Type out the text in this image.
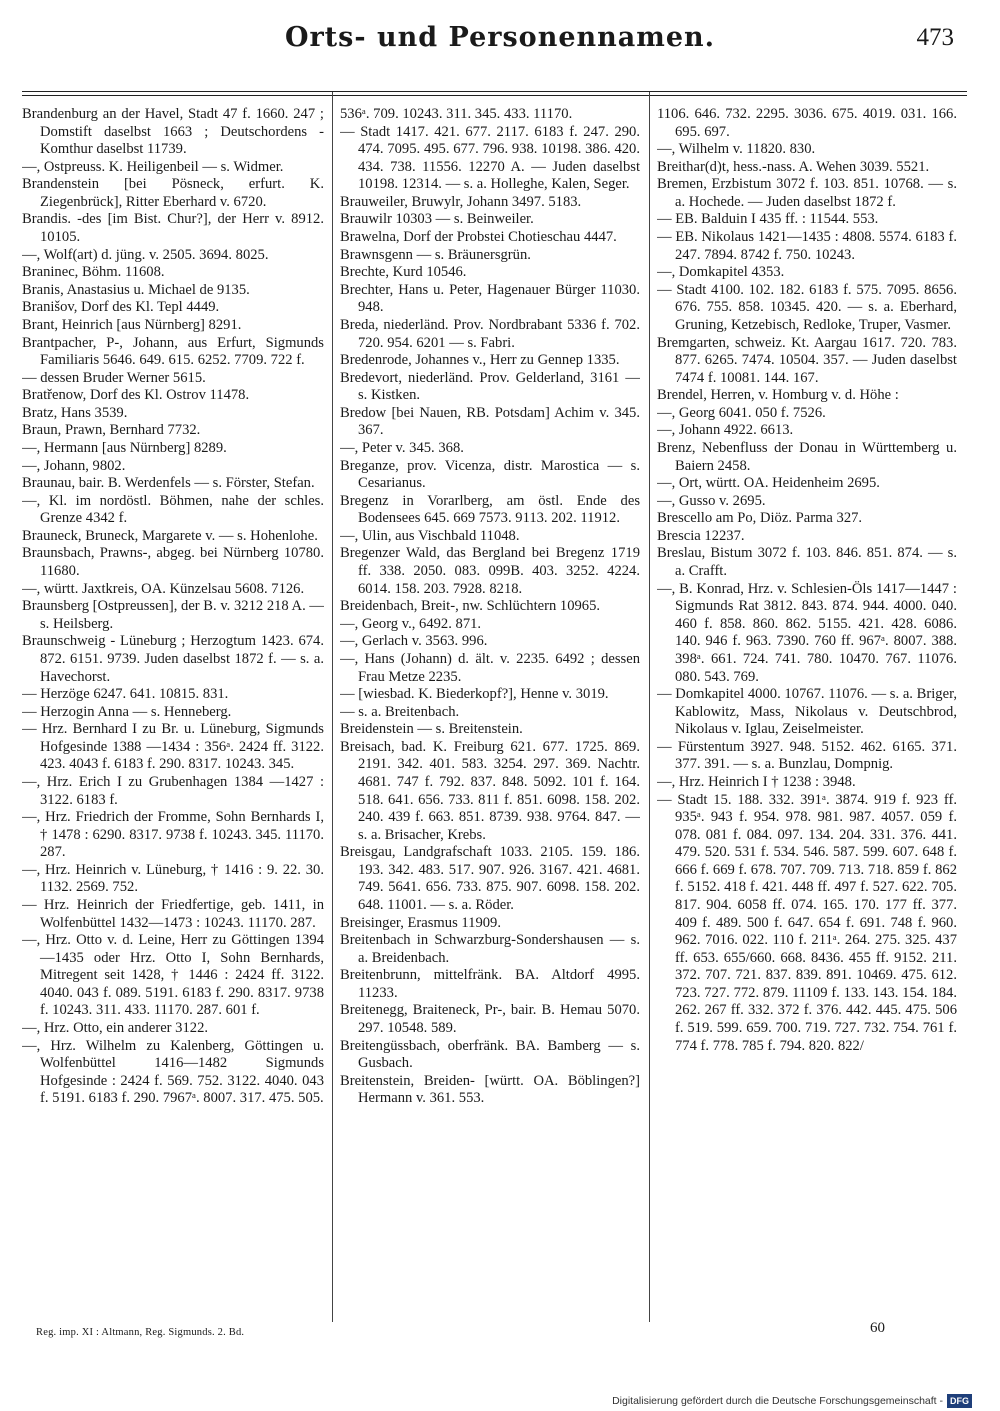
Orts- und Personennamen.	473

Brandenburg an der Havel, Stadt 47 f. 1660. 247 ; Domstift daselbst 1663 ; Deutschordens - Komthur daselbst 11739.

—, Ostpreuss. K. Heiligenbeil — s. Widmer.

Brandenstein [bei Pösneck, erfurt. K. Ziegenbrück], Ritter Eberhard v. 6720.

Brandis. -des [im Bist. Chur?], der Herr v. 8912. 10105.

—, Wolf(art) d. jüng. v. 2505. 3694. 8025.

Braninec, Böhm. 11608.

Branis, Anastasius u. Michael de 9135.

Branišov, Dorf des Kl. Tepl 4449.

Brant, Heinrich [aus Nürnberg] 8291.

Brantpacher, P-, Johann, aus Erfurt, Sigmunds Familiaris 5646. 649. 615. 6252. 7709. 722 f.

— dessen Bruder Werner 5615.

Bratřenow, Dorf des Kl. Ostrov 11478.

Bratz, Hans 3539.

Braun, Prawn, Bernhard 7732.

—, Hermann [aus Nürnberg] 8289.

—, Johann, 9802.

Braunau, bair. B. Werdenfels — s. Förster, Stefan.

—, Kl. im nordöstl. Böhmen, nahe der schles. Grenze 4342 f.

Brauneck, Bruneck, Margarete v. — s. Hohenlohe.

Braunsbach, Prawns-, abgeg. bei Nürnberg 10780. 11680.

—, württ. Jaxtkreis, OA. Künzelsau 5608. 7126.

Braunsberg [Ostpreussen], der B. v. 3212 218 A. — s. Heilsberg.

Braunschweig - Lüneburg ; Herzogtum 1423. 674. 872. 6151. 9739. Juden daselbst 1872 f. — s. a. Havechorst.

— Herzöge 6247. 641. 10815. 831.

— Herzogin Anna — s. Henneberg.

— Hrz. Bernhard I zu Br. u. Lüneburg, Sigmunds Hofgesinde 1388 —1434 : 356ᵃ. 2424 ff. 3122. 423. 4043 f. 6183 f. 290. 8317. 10243. 345.

—, Hrz. Erich I zu Grubenhagen 1384 —1427 : 3122. 6183 f.

—, Hrz. Friedrich der Fromme, Sohn Bernhards I, † 1478 : 6290. 8317. 9738 f. 10243. 345. 11170. 287.

—, Hrz. Heinrich v. Lüneburg, † 1416 : 9. 22. 30. 1132. 2569. 752.

— Hrz. Heinrich der Friedfertige, geb. 1411, in Wolfenbüttel 1432—1473 : 10243. 11170. 287.

—, Hrz. Otto v. d. Leine, Herr zu Göttingen 1394—1435 oder Hrz. Otto I, Sohn Bernhards, Mitregent seit 1428, † 1446 : 2424 ff. 3122. 4040. 043 f. 089. 5191. 6183 f. 290. 8317. 9738 f. 10243. 311. 433. 11170. 287. 601 f.

—, Hrz. Otto, ein anderer 3122.

—, Hrz. Wilhelm zu Kalenberg, Göttingen u. Wolfenbüttel 1416—1482 Sigmunds Hofgesinde : 2424 f. 569. 752. 3122. 4040. 043 f. 5191. 6183 f. 290. 7967ᵃ. 8007. 317. 475. 505.

536ᵃ. 709. 10243. 311. 345. 433. 11170.

— Stadt 1417. 421. 677. 2117. 6183 f. 247. 290. 474. 7095. 495. 677. 796. 938. 10198. 386. 420. 434. 738. 11556. 12270 A. — Juden daselbst 10198. 12314. — s. a. Holleghe, Kalen, Seger.

Brauweiler, Bruwylr, Johann 3497. 5183.

Brauwilr 10303 — s. Beinweiler.

Brawelna, Dorf der Probstei Chotieschau 4447.

Brawnsgenn — s. Bräunersgrün.

Brechte, Kurd 10546.

Brechter, Hans u. Peter, Hagenauer Bürger 11030. 948.

Breda, niederländ. Prov. Nordbrabant 5336 f. 702. 720. 954. 6201 — s. Fabri.

Bredenrode, Johannes v., Herr zu Gennep 1335.

Bredevort, niederländ. Prov. Gelderland, 3161 — s. Kistken.

Bredow [bei Nauen, RB. Potsdam] Achim v. 345. 367.

—, Peter v. 345. 368.

Breganze, prov. Vicenza, distr. Marostica — s. Cesarianus.

Bregenz in Vorarlberg, am östl. Ende des Bodensees 645. 669 7573. 9113. 202. 11912.

—, Ulin, aus Vischbald 11048.

Bregenzer Wald, das Bergland bei Bregenz 1719 ff. 338. 2050. 083. 099B. 403. 3252. 4224. 6014. 158. 203. 7928. 8218.

Breidenbach, Breit-, nw. Schlüchtern 10965.

—, Georg v., 6492. 871.

—, Gerlach v. 3563. 996.

—, Hans (Johann) d. ält. v. 2235. 6492 ; dessen Frau Metze 2235.

— [wiesbad. K. Biederkopf?], Henne v. 3019.

— s. a. Breitenbach.

Breidenstein — s. Breitenstein.

Breisach, bad. K. Freiburg 621. 677. 1725. 869. 2191. 342. 401. 583. 3254. 297. 369. Nachtr. 4681. 747 f. 792. 837. 848. 5092. 101 f. 164. 518. 641. 656. 733. 811 f. 851. 6098. 158. 202. 240. 439 f. 663. 851. 8739. 938. 9764. 847. — s. a. Brisacher, Krebs.

Breisgau, Landgrafschaft 1033. 2105. 159. 186. 193. 342. 483. 517. 907. 926. 3167. 421. 4681. 749. 5641. 656. 733. 875. 907. 6098. 158. 202. 648. 11001. — s. a. Röder.

Breisinger, Erasmus 11909.

Breitenbach in Schwarzburg-Sondershausen — s. a. Breidenbach.

Breitenbrunn, mittelfränk. BA. Altdorf 4995. 11233.

Breitenegg, Braiteneck, Pr-, bair. B. Hemau 5070. 297. 10548. 589.

Breitengüssbach, oberfränk. BA. Bamberg — s. Gusbach.

Breitenstein, Breiden- [württ. OA. Böblingen?] Hermann v. 361. 553.

1106. 646. 732. 2295. 3036. 675. 4019. 031. 166. 695. 697.

—, Wilhelm v. 11820. 830.

Breithar(d)t, hess.-nass. A. Wehen 3039. 5521.

Bremen, Erzbistum 3072 f. 103. 851. 10768. — s. a. Hochede. — Juden daselbst 1872 f.

— EB. Balduin I 435 ff. : 11544. 553.

— EB. Nikolaus 1421—1435 : 4808. 5574. 6183 f. 247. 7894. 8742 f. 750. 10243.

—, Domkapitel 4353.

— Stadt 4100. 102. 182. 6183 f. 575. 7095. 8656. 676. 755. 858. 10345. 420. — s. a. Eberhard, Gruning, Ketzebisch, Redloke, Truper, Vasmer.

Bremgarten, schweiz. Kt. Aargau 1617. 720. 783. 877. 6265. 7474. 10504. 357. — Juden daselbst 7474 f. 10081. 144. 167.

Brendel, Herren, v. Homburg v. d. Höhe :

—, Georg 6041. 050 f. 7526.

—, Johann 4922. 6613.

Brenz, Nebenfluss der Donau in Württemberg u. Baiern 2458.

—, Ort, württ. OA. Heidenheim 2695.

—, Gusso v. 2695.

Brescello am Po, Diöz. Parma 327.

Brescia 12237.

Breslau, Bistum 3072 f. 103. 846. 851. 874. — s. a. Crafft.

—, B. Konrad, Hrz. v. Schlesien-Öls 1417—1447 : Sigmunds Rat 3812. 843. 874. 944. 4000. 040. 460 f. 858. 860. 862. 5155. 421. 428. 6086. 140. 946 f. 963. 7390. 760 ff. 967ᵃ. 8007. 388. 398ᵃ. 661. 724. 741. 780. 10470. 767. 11076. 080. 543. 769.

— Domkapitel 4000. 10767. 11076. — s. a. Briger, Kablowitz, Mass, Nikolaus v. Deutschbrod, Nikolaus v. Iglau, Zeiselmeister.

— Fürstentum 3927. 948. 5152. 462. 6165. 371. 377. 391. — s. a. Bunzlau, Dompnig.

—, Hrz. Heinrich I † 1238 : 3948.

— Stadt 15. 188. 332. 391ᵃ. 3874. 919 f. 923 ff. 935ᵃ. 943 f. 954. 978. 981. 987. 4057. 059 f. 078. 081 f. 084. 097. 134. 204. 331. 376. 441. 479. 520. 531 f. 534. 546. 587. 599. 607. 648 f. 666 f. 669 f. 678. 707. 709. 713. 718. 859 f. 862 f. 5152. 418 f. 421. 448 ff. 497 f. 527. 622. 705. 817. 904. 6058 ff. 074. 165. 170. 177 ff. 377. 409 f. 489. 500 f. 647. 654 f. 691. 748 f. 960. 962. 7016. 022. 110 f. 211ᵃ. 264. 275. 325. 437 ff. 653. 655/660. 668. 8436. 455 ff. 9152. 211. 372. 707. 721. 837. 839. 891. 10469. 475. 612. 723. 727. 772. 879. 11109 f. 133. 143. 154. 184. 262. 267 ff. 332. 372 f. 376. 442. 445. 475. 506 f. 519. 599. 659. 700. 719. 727. 732. 754. 761 f. 774 f. 778. 785 f. 794. 820. 822/

Reg. imp. XI : Altmann, Reg. Sigmunds. 2. Bd.	60
Digitalisierung gefördert durch die Deutsche Forschungsgemeinschaft - DFG
